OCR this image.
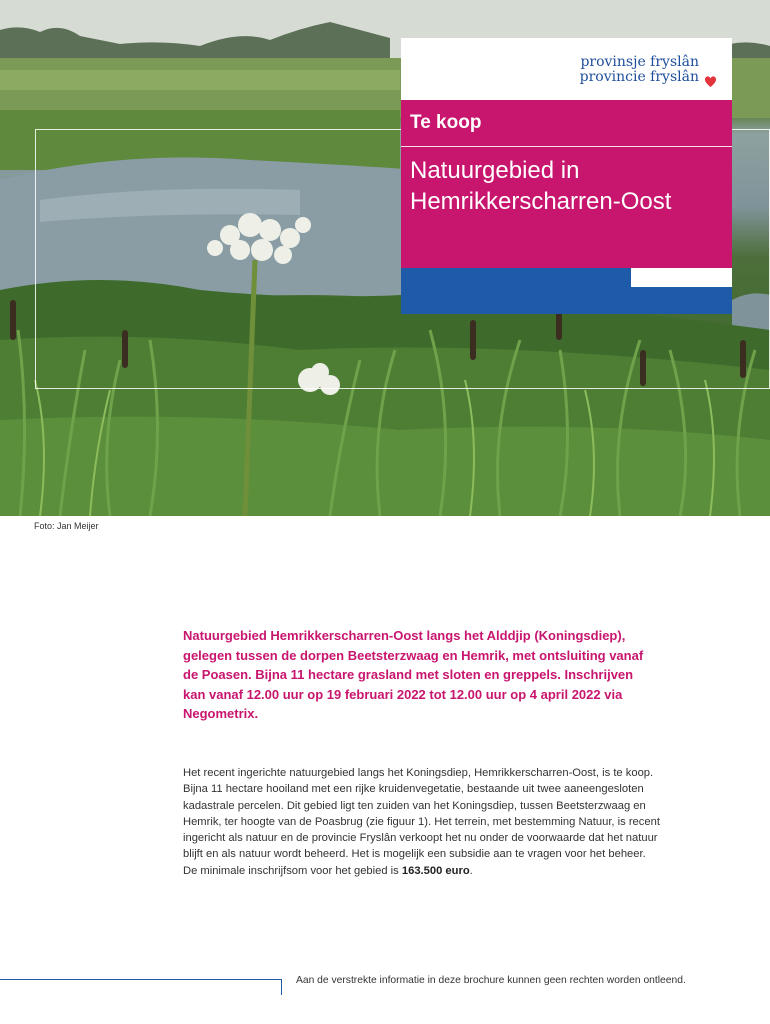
provinsje fryslân
provincie fryslân
Te koop
Natuurgebied in Hemrikkerscharren-Oost
Foto: Jan Meijer
Natuurgebied Hemrikkerscharren-Oost langs het Alddjip (Koningsdiep), gelegen tussen de dorpen Beetsterzwaag en Hemrik, met ontsluiting vanaf de Poasen. Bijna 11 hectare grasland met sloten en greppels. Inschrijven kan vanaf 12.00 uur op 19 februari 2022 tot 12.00 uur op 4 april 2022 via Negometrix.
Het recent ingerichte natuurgebied langs het Koningsdiep, Hemrikkerscharren-Oost, is te koop. Bijna 11 hectare hooiland met een rijke kruidenvegetatie, bestaande uit twee aaneengesloten kadastrale percelen. Dit gebied ligt ten zuiden van het Koningsdiep, tussen Beetsterzwaag en Hemrik, ter hoogte van de Poasbrug (zie figuur 1). Het terrein, met bestemming Natuur, is recent ingericht als natuur en de provincie Fryslân verkoopt het nu onder de voorwaarde dat het natuur blijft en als natuur wordt beheerd. Het is mogelijk een subsidie aan te vragen voor het beheer. De minimale inschrijfsom voor het gebied is 163.500 euro.
Aan de verstrekte informatie in deze brochure kunnen geen rechten worden ontleend.
